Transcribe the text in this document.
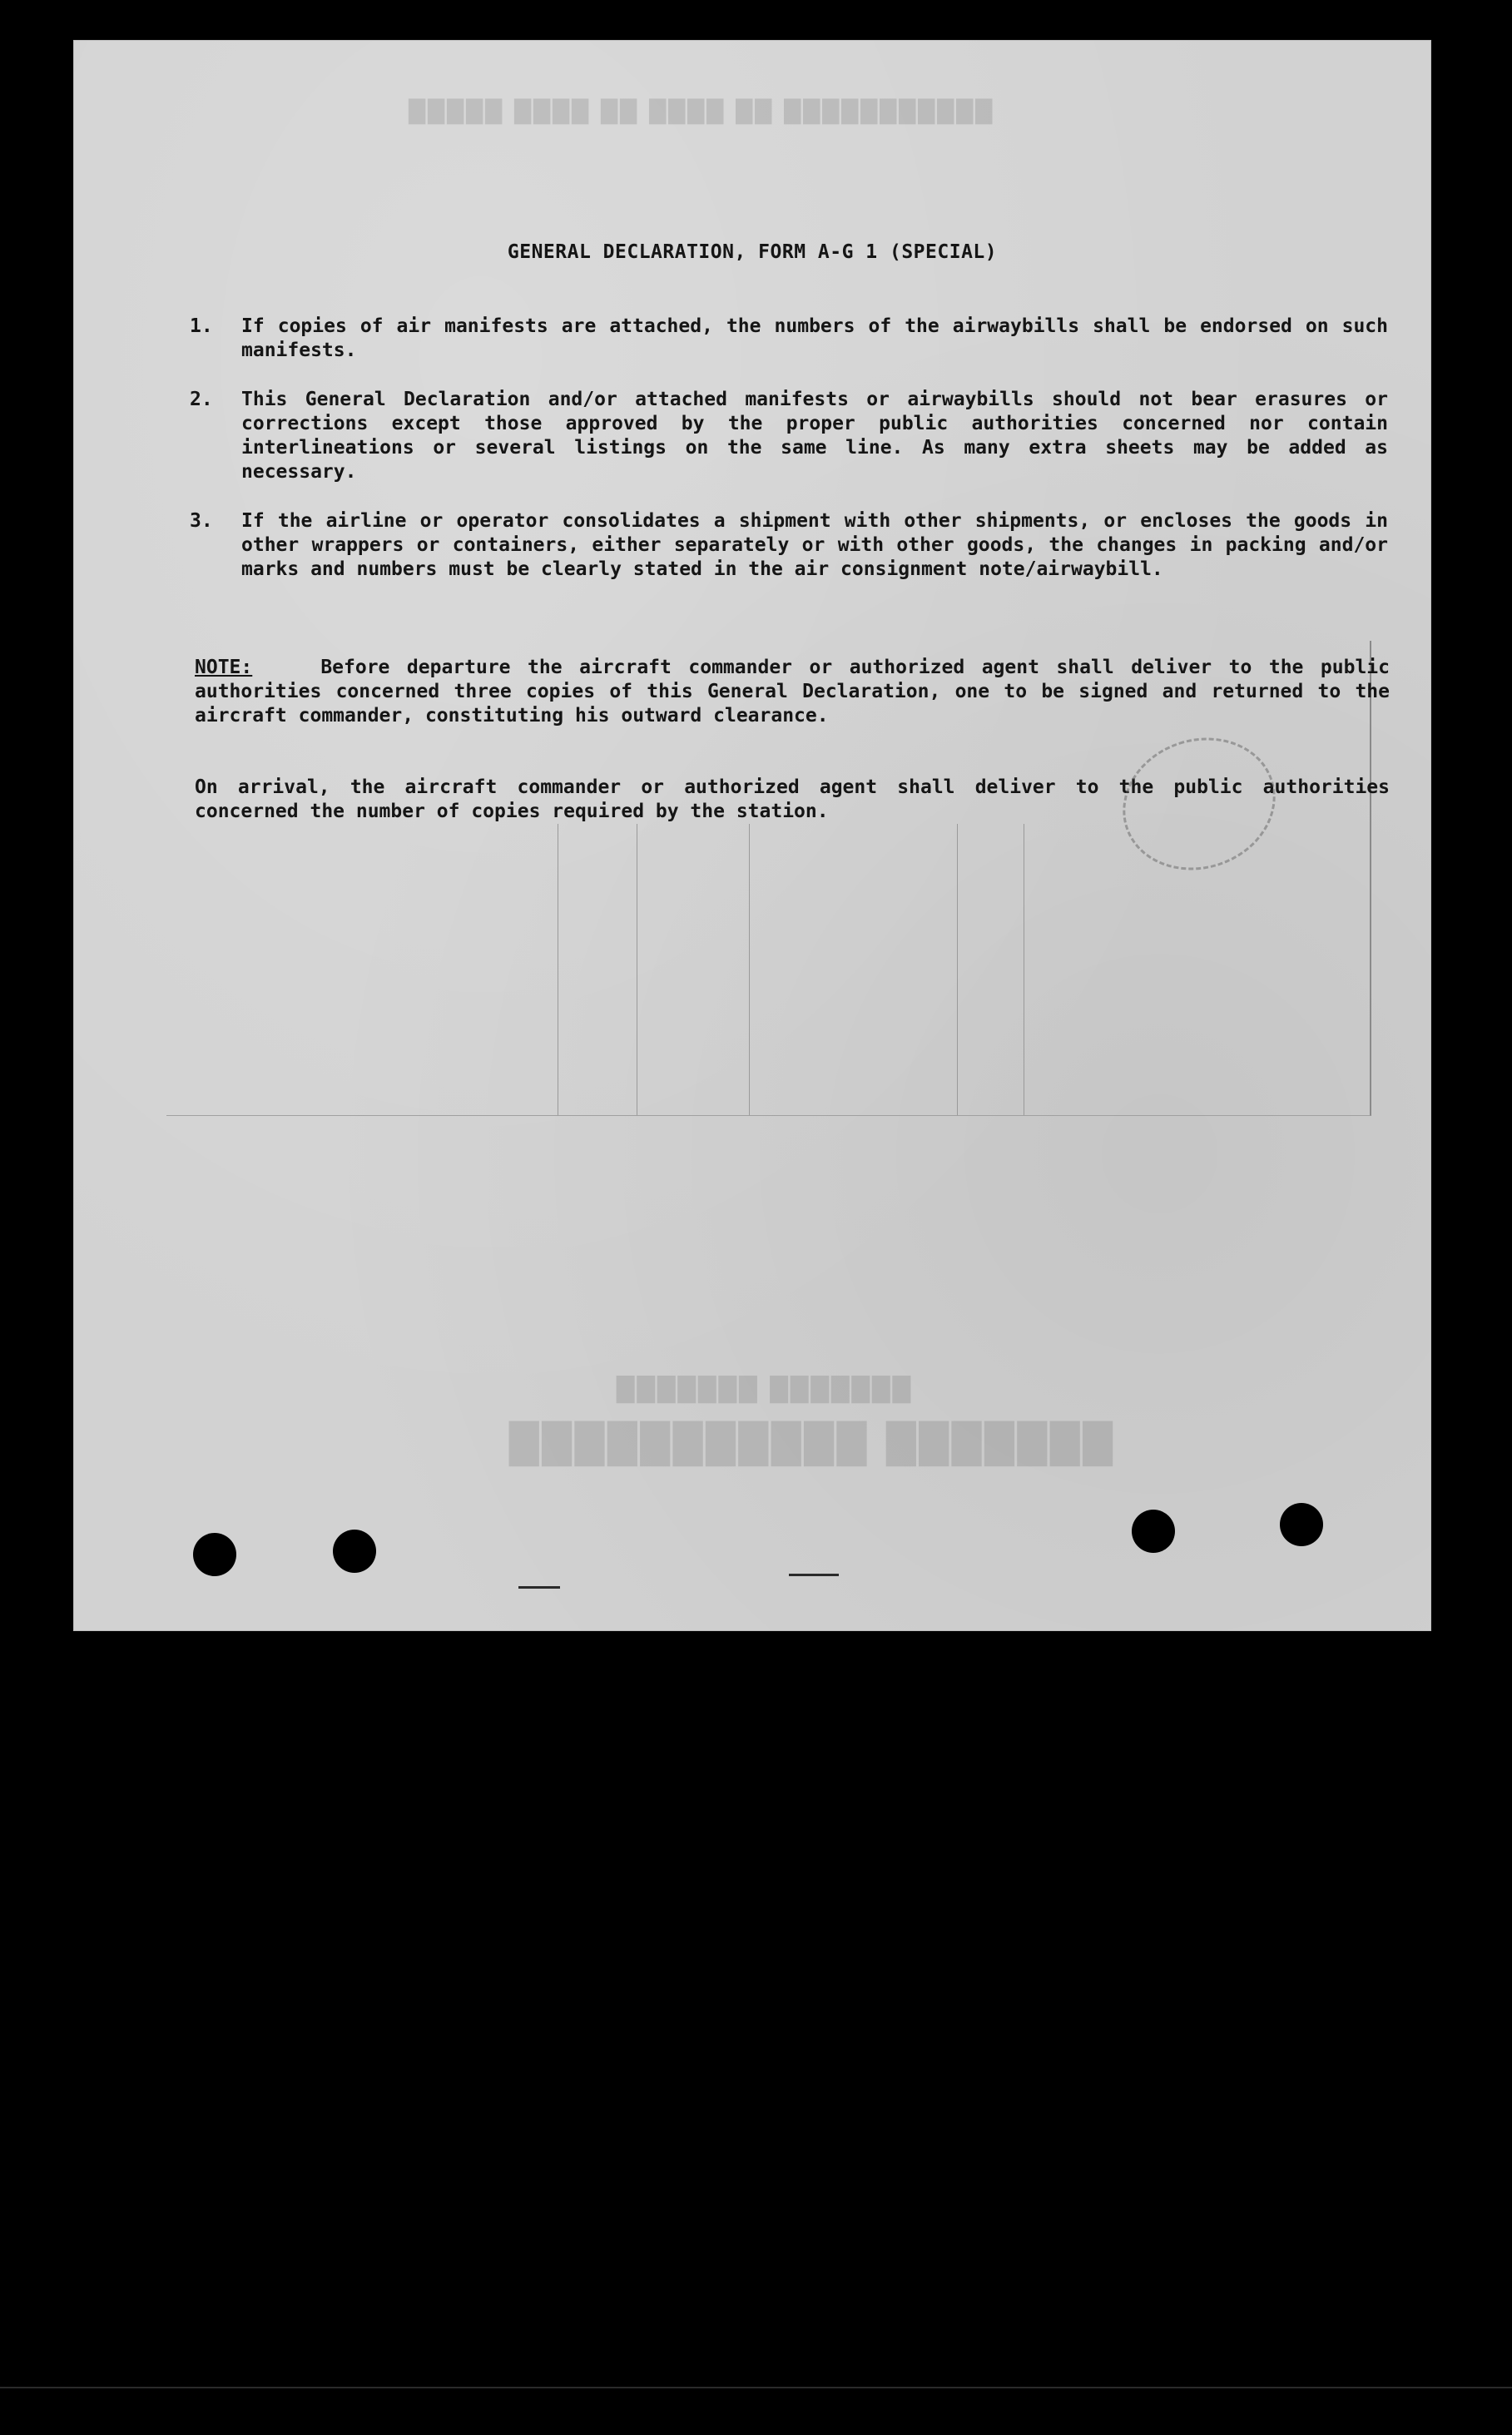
███████ ███████████
███████ ███████
███████████ ██ ████ ██ ████ █████
GENERAL DECLARATION, FORM A-G 1 (SPECIAL)
1.	If copies of air manifests are attached, the numbers of the airwaybills shall be endorsed on such manifests.
2.	This General Declaration and/or attached manifests or airwaybills should not bear erasures or corrections except those approved by the proper public authorities concerned nor contain interlineations or several listings on the same line. As many extra sheets may be added as necessary.
3.	If the airline or operator consolidates a shipment with other shipments, or encloses the goods in other wrappers or containers, either separately or with other goods, the changes in packing and/or marks and numbers must be clearly stated in the air consignment note/airwaybill.
NOTE:	Before departure the aircraft commander or authorized agent shall deliver to the public authorities concerned three copies of this General Declaration, one to be signed and returned to the aircraft commander, constituting his outward clearance.
On arrival, the aircraft commander or authorized agent shall deliver to the public authorities concerned the number of copies required by the station.
